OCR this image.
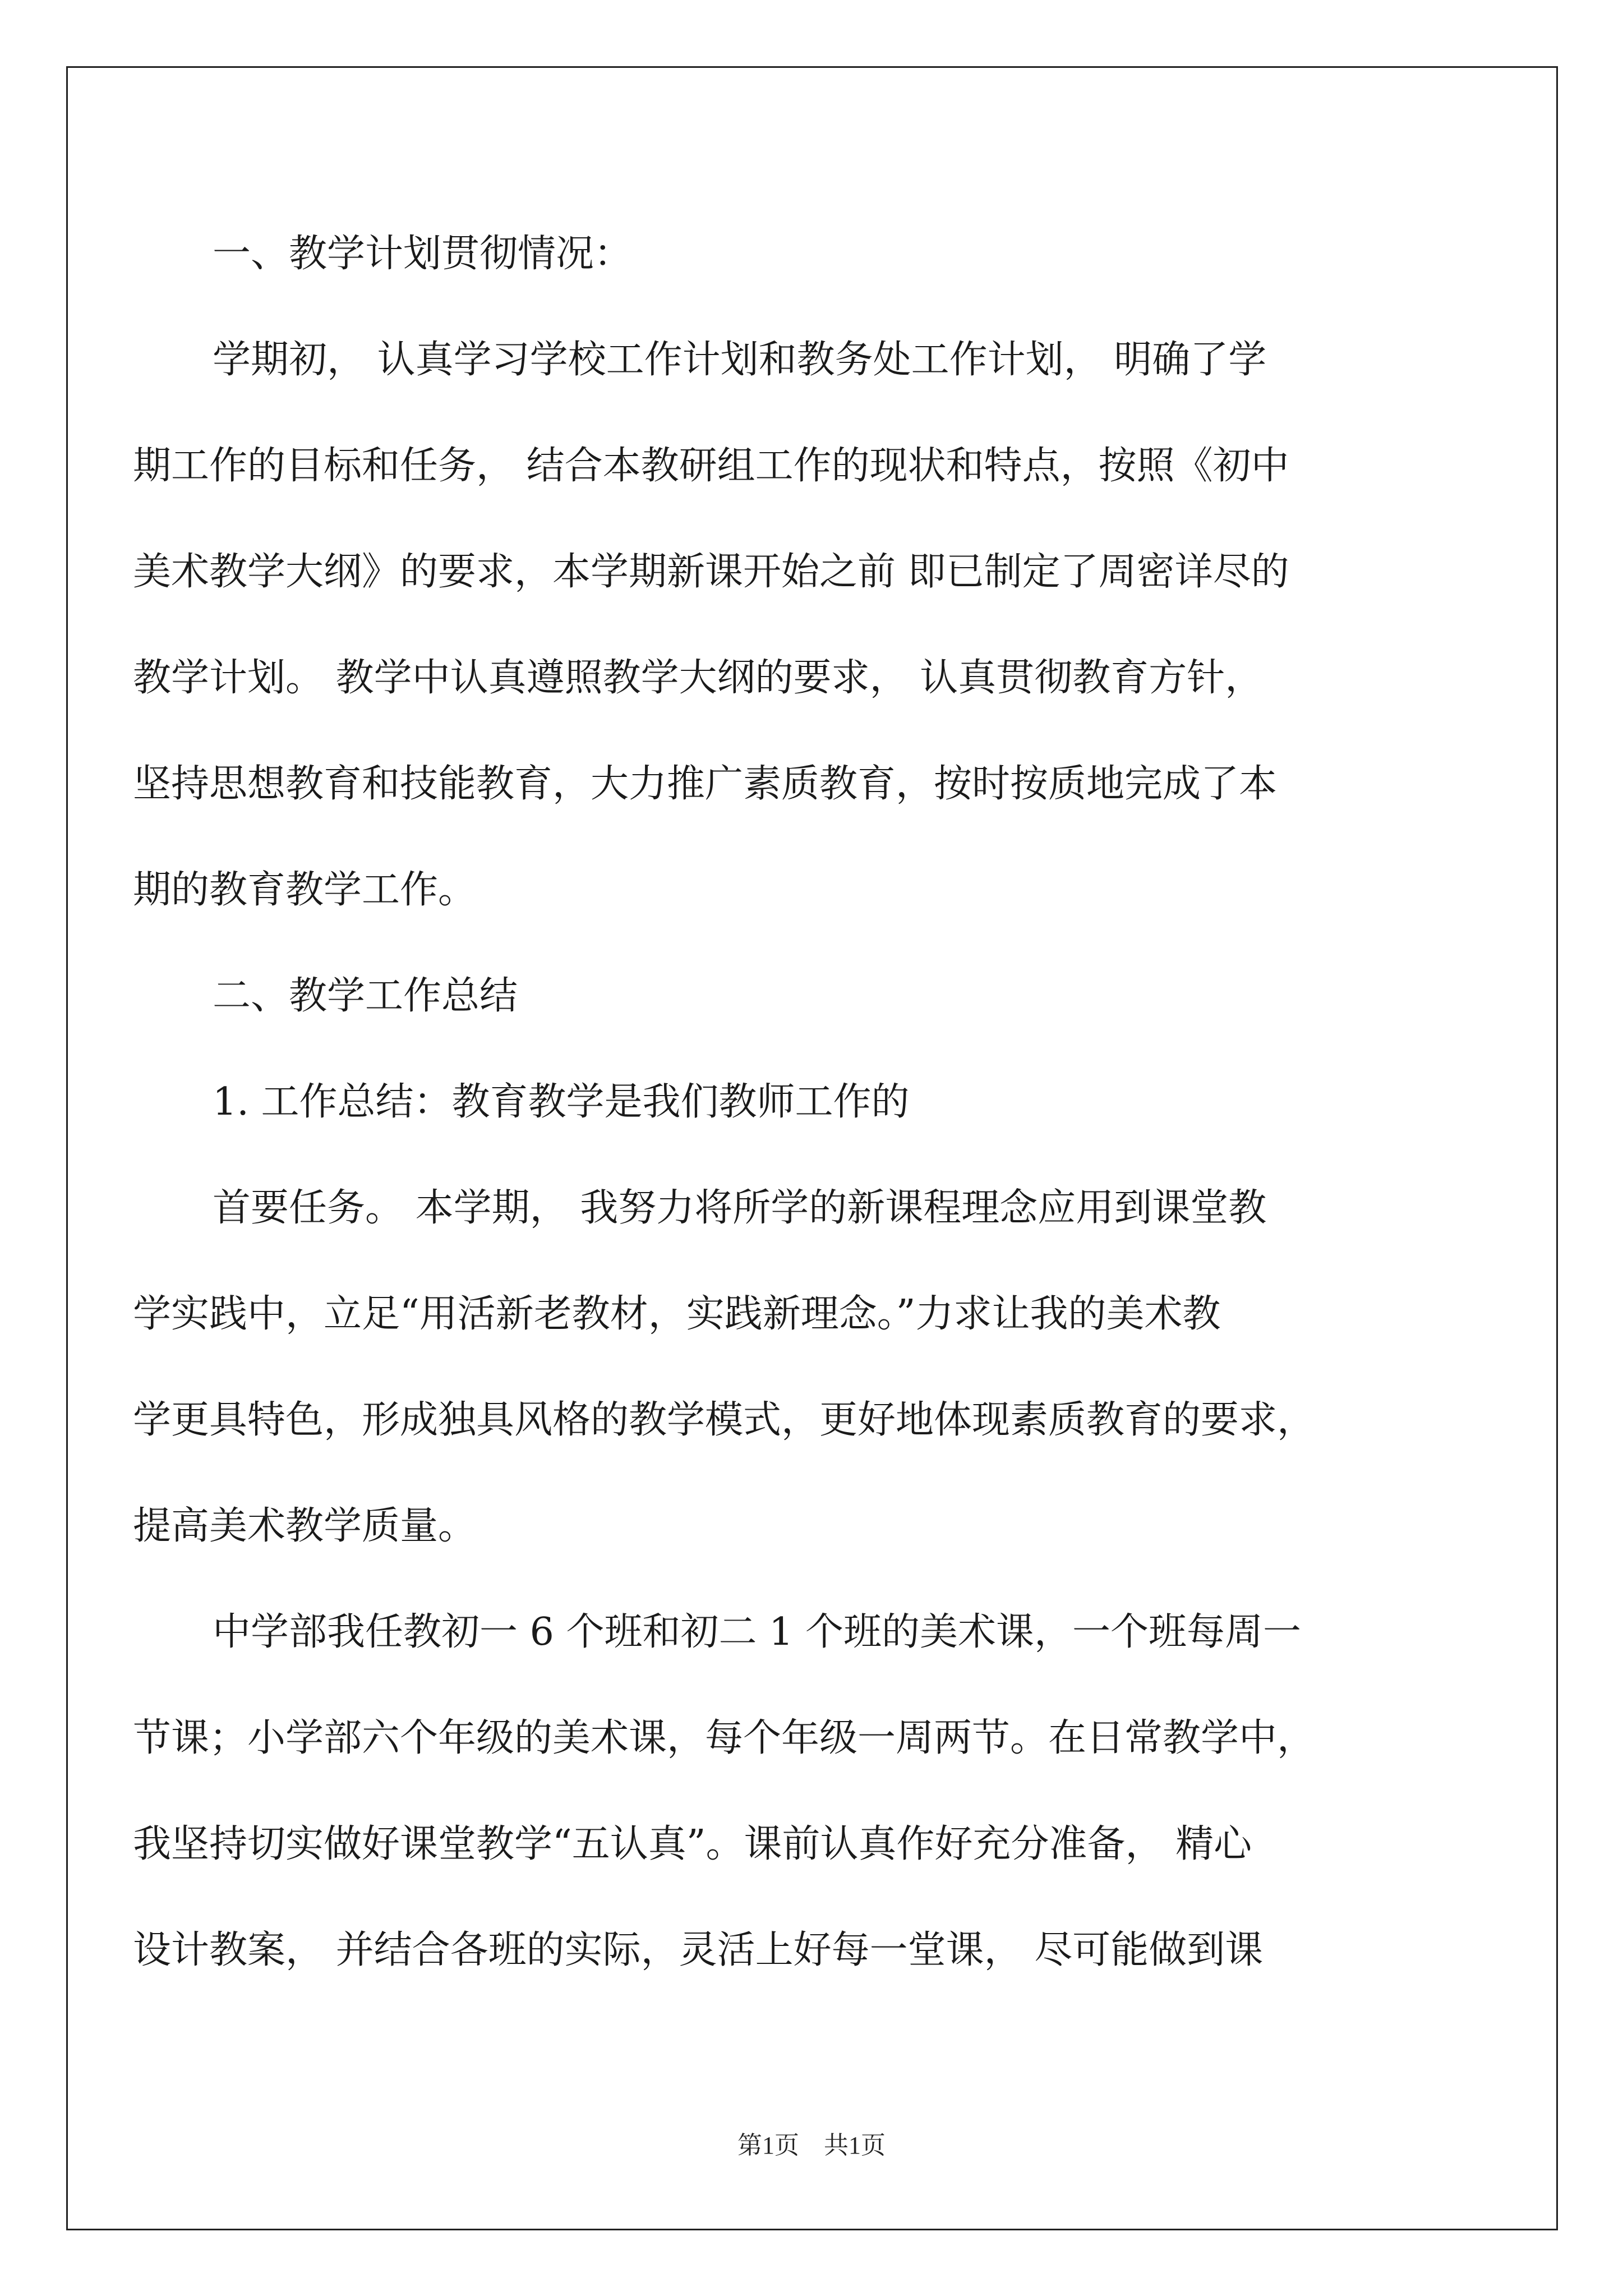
一、教学计划贯彻情况：
学期初， 认真学习学校工作计划和教务处工作计划， 明确了学
期工作的目标和任务， 结合本教研组工作的现状和特点，按照《初中
美术教学大纲》的要求，本学期新课开始之前 即已制定了周密详尽的
教学计划。 教学中认真遵照教学大纲的要求， 认真贯彻教育方针，
坚持思想教育和技能教育，大力推广素质教育，按时按质地完成了本
期的教育教学工作。
二、教学工作总结
1. 工作总结：教育教学是我们教师工作的
首要任务。 本学期， 我努力将所学的新课程理念应用到课堂教
学实践中，立足“用活新老教材，实践新理念。”力求让我的美术教
学更具特色，形成独具风格的教学模式，更好地体现素质教育的要求，
提高美术教学质量。
中学部我任教初一 6 个班和初二 1 个班的美术课，一个班每周一
节课；小学部六个年级的美术课，每个年级一周两节。在日常教学中，
我坚持切实做好课堂教学“五认真”。课前认真作好充分准备， 精心
设计教案， 并结合各班的实际，灵活上好每一堂课， 尽可能做到课
第1页　共1页
